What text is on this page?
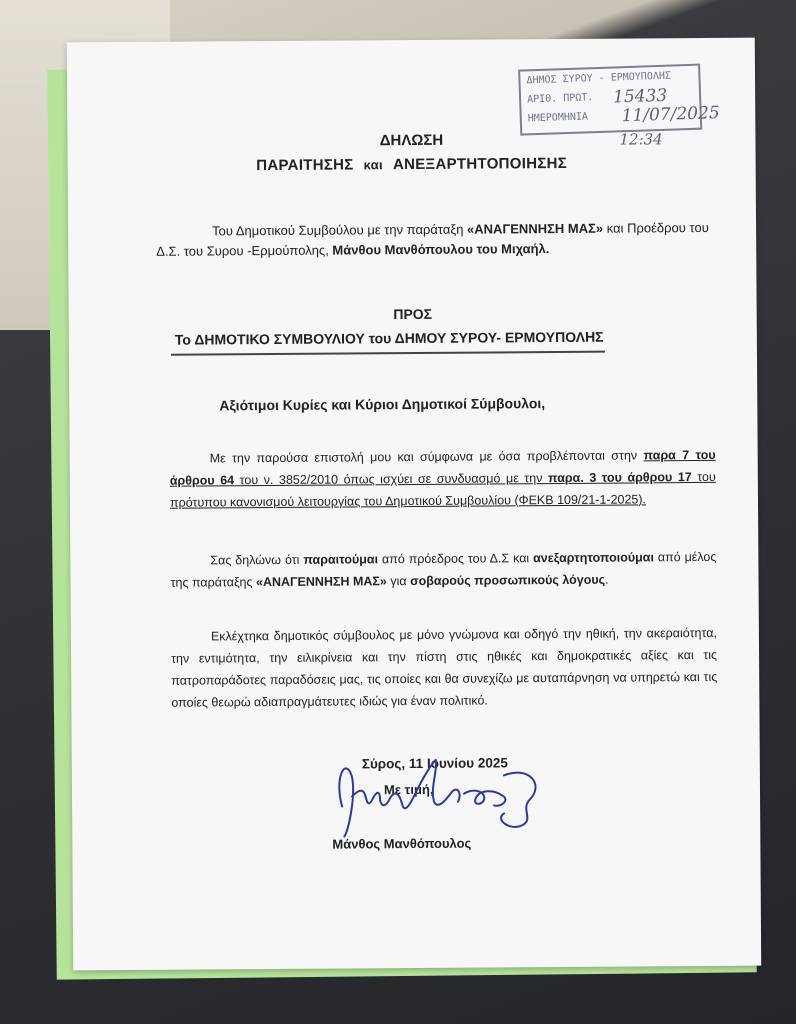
ΔΗΜΟΣ ΣΥΡΟΥ - ΕΡΜΟΥΠΟΛΗΣ
ΑΡΙΘ. ΠΡΩΤ. 15433
ΗΜΕΡΟΜΗΝΙΑ 11/07/2025
12:34
ΔΗΛΩΣΗ
ΠΑΡΑΙΤΗΣΗΣ και ΑΝΕΞΑΡΤΗΤΟΠΟΙΗΣΗΣ

Του Δημοτικού Συμβούλου με την παράταξη «ΑΝΑΓΕΝΝΗΣΗ ΜΑΣ» και Προέδρου του Δ.Σ. του Συρου -Ερμούπολης, Μάνθου Μανθόπουλου του Μιχαήλ.

ΠΡΟΣ
Το ΔΗΜΟΤΙΚΟ ΣΥΜΒΟΥΛΙΟΥ του ΔΗΜΟΥ ΣΥΡΟΥ- ΕΡΜΟΥΠΟΛΗΣ
Αξιότιμοι Κυρίες και Κύριοι Δημοτικοί Σύμβουλοι,
Με την παρούσα επιστολή μου και σύμφωνα με όσα προβλέπονται στην παρα 7 του άρθρου 64 του ν. 3852/2010 όπως ισχύει σε συνδυασμό με την παρα. 3 του άρθρου 17 του πρότυπου κανονισμού λειτουργίας του Δημοτικού Συμβουλίου (ΦΕΚΒ 109/21-1-2025).
Σας δηλώνω ότι παραιτούμαι από πρόεδρος του Δ.Σ και ανεξαρτητοποιούμαι από μέλος της παράταξης «ΑΝΑΓΕΝΝΗΣΗ ΜΑΣ» για σοβαρούς προσωπικούς λόγους.
Εκλέχτηκα δημοτικός σύμβουλος με μόνο γνώμονα και οδηγό την ηθική, την ακεραιότητα, την εντιμότητα, την ειλικρίνεια και την πίστη στις ηθικές και δημοκρατικές αξίες και τις πατροπαράδοτες παραδόσεις μας, τις οποίες και θα συνεχίζω με αυταπάρνηση να υπηρετώ και τις οποίες θεωρώ αδιαπραγμάτευτες ιδιώς για έναν πολιτικό.
Σύρος, 11 Ιουνίου 2025
Με τιμή,
Μάνθος Μανθόπουλος
